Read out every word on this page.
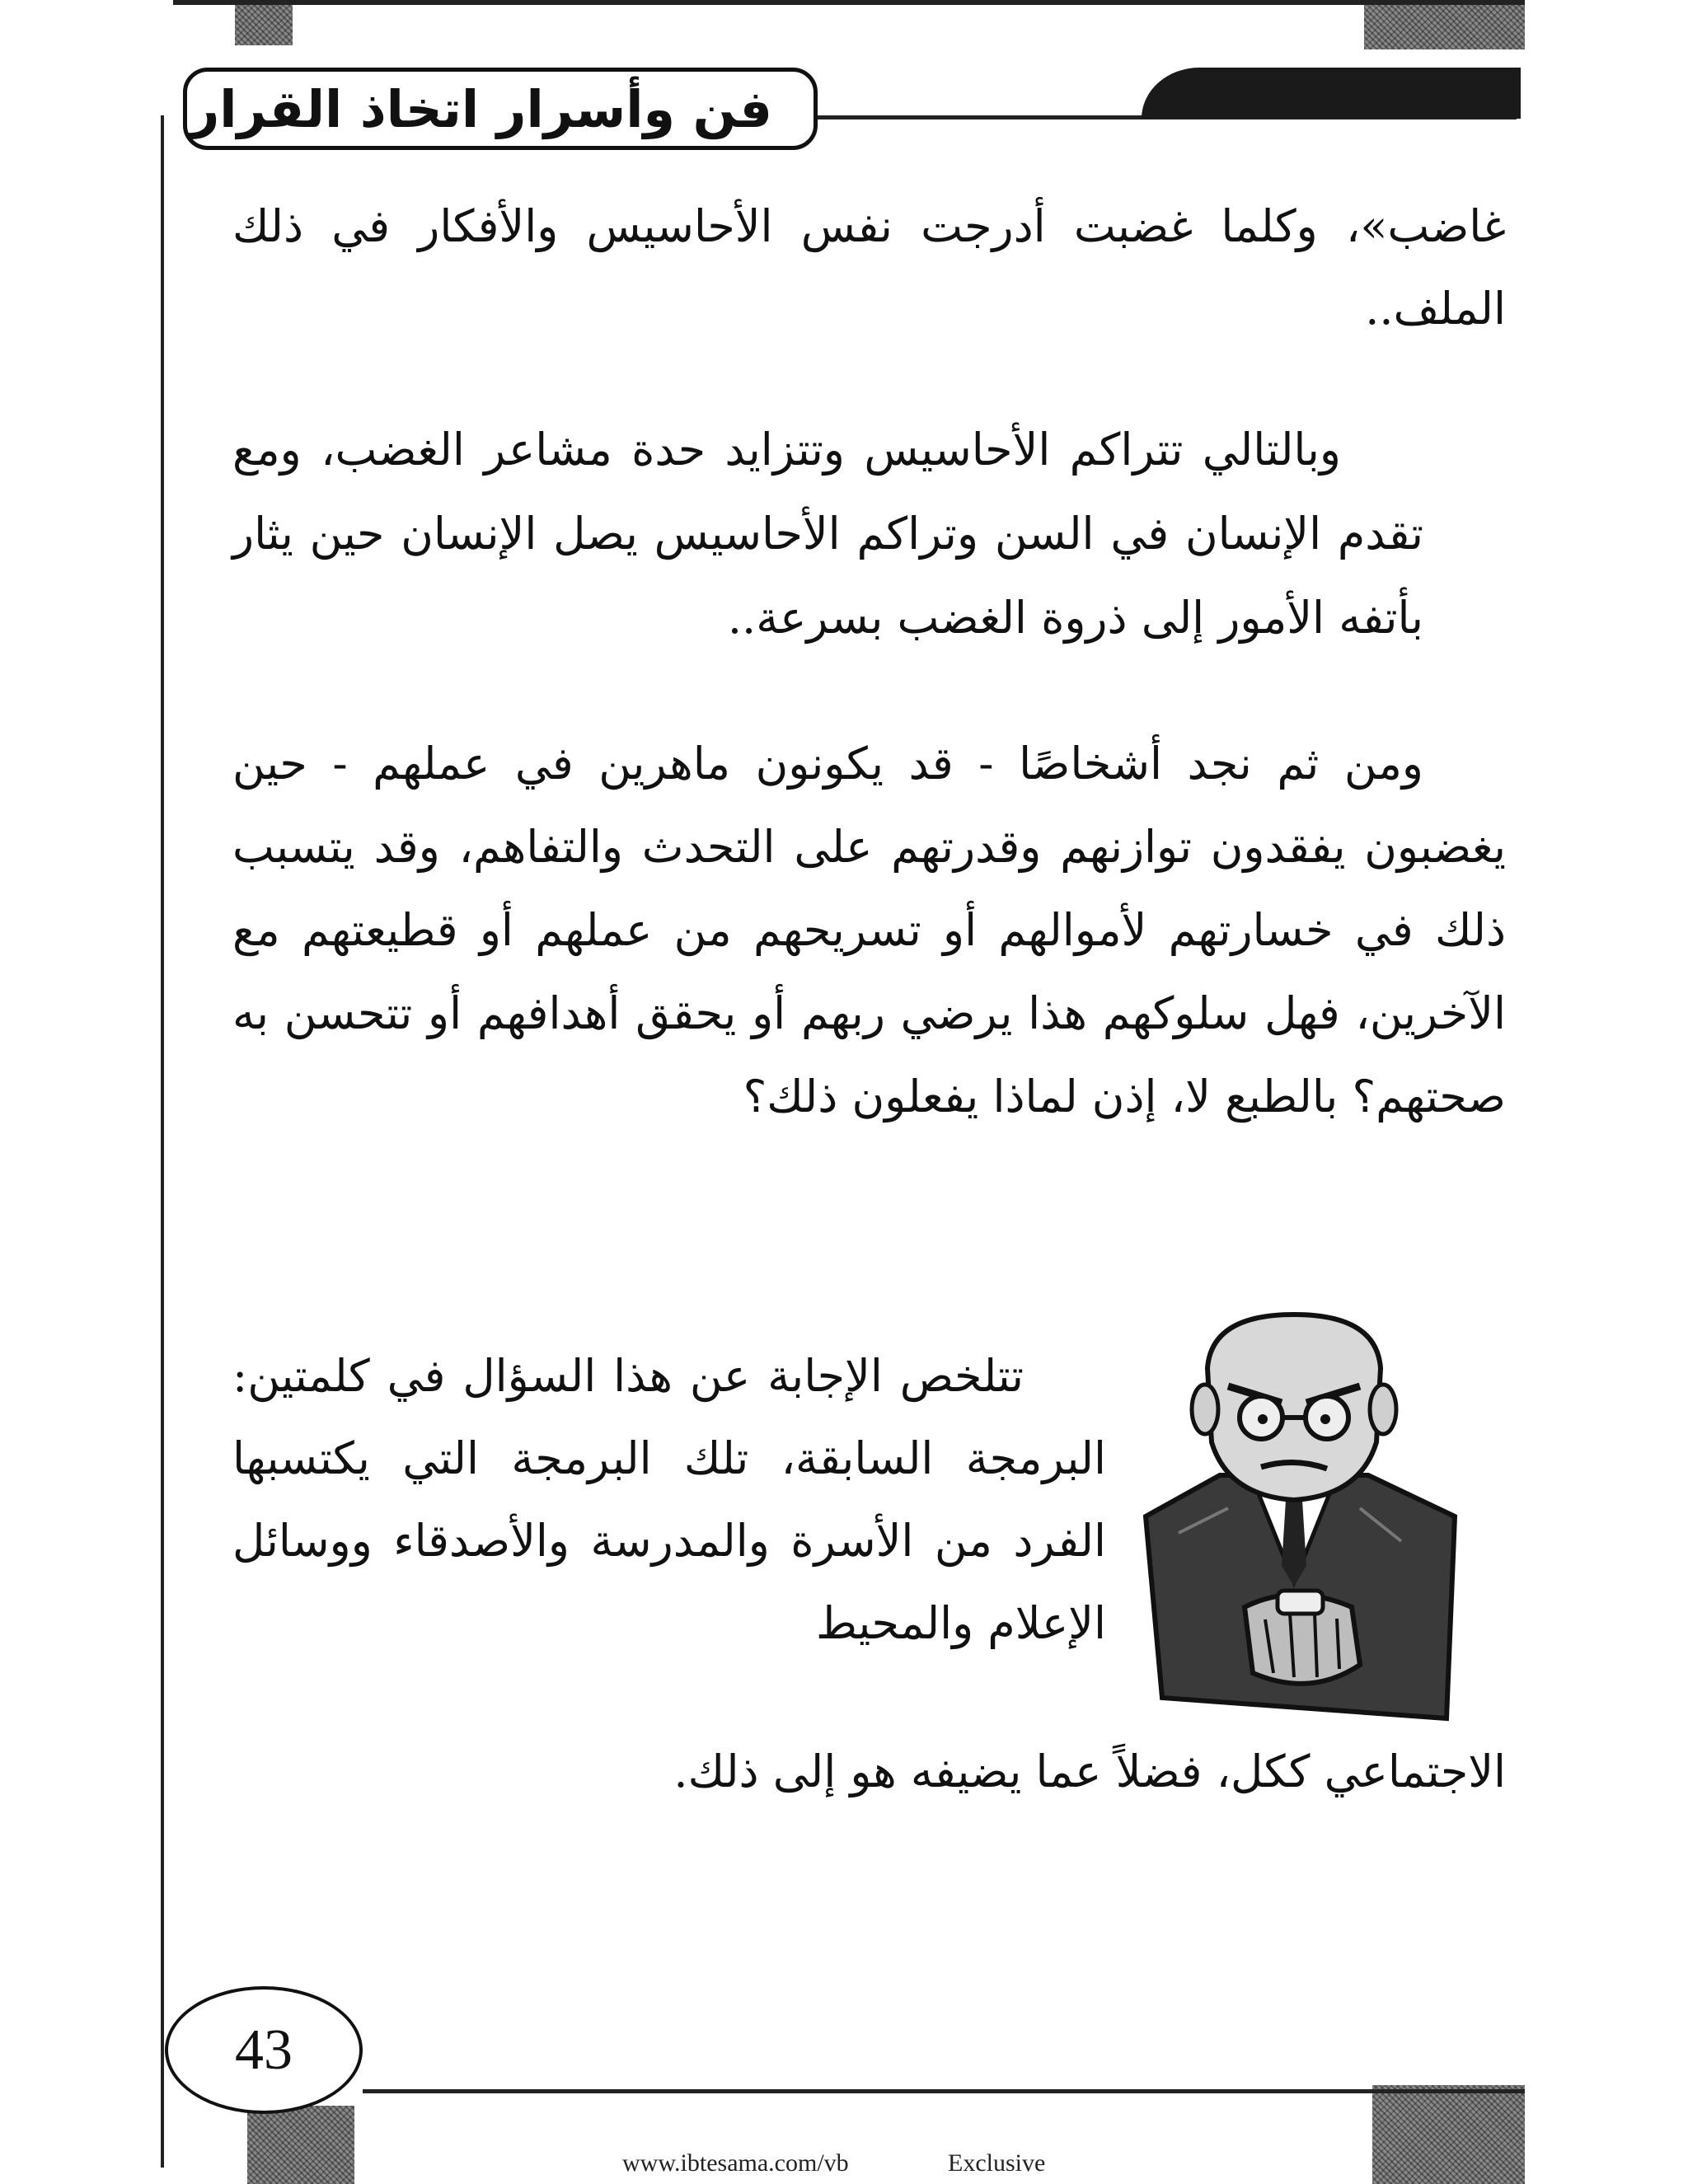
فن وأسرار اتخاذ القرار

غاضب»، وكلما غضبت أدرجت نفس الأحاسيس والأفكار في ذلك الملف..

وبالتالي تتراكم الأحاسيس وتتزايد حدة مشاعر الغضب، ومع تقدم الإنسان في السن وتراكم الأحاسيس يصل الإنسان حين يثار بأتفه الأمور إلى ذروة الغضب بسرعة..

ومن ثم نجد أشخاصًا - قد يكونون ماهرين في عملهم - حين يغضبون يفقدون توازنهم وقدرتهم على التحدث والتفاهم، وقد يتسبب ذلك في خسارتهم لأموالهم أو تسريحهم من عملهم أو قطيعتهم مع الآخرين، فهل سلوكهم هذا يرضي ربهم أو يحقق أهدافهم أو تتحسن به صحتهم؟ بالطبع لا، إذن لماذا يفعلون ذلك؟

تتلخص الإجابة عن هذا السؤال في كلمتين: البرمجة السابقة، تلك البرمجة التي يكتسبها الفرد من الأسرة والمدرسة والأصدقاء ووسائل الإعلام والمحيط

الاجتماعي ككل، فضلاً عما يضيفه هو إلى ذلك.

43
www.ibtesama.com/vb	Exclusive
